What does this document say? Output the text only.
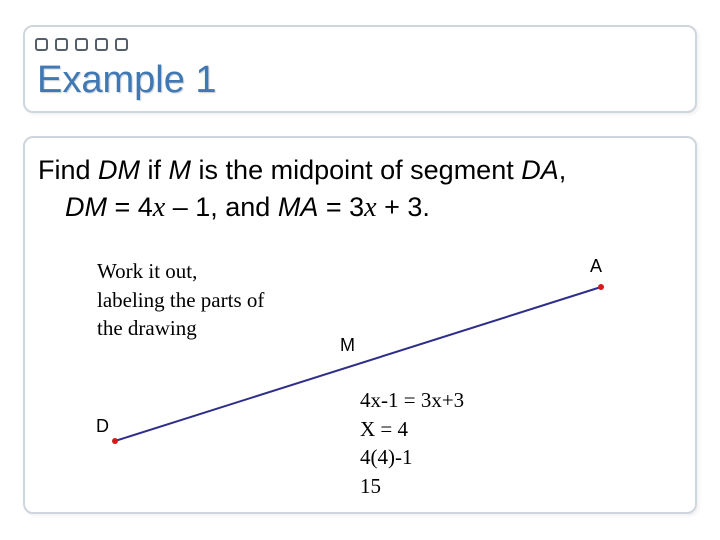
Example 1

Find DM if M is the midpoint of segment DA,
DM = 4x – 1, and MA = 3x + 3.

Work it out,
labeling the parts of
the drawing
A
M
D
4x-1 = 3x+3
X = 4
4(4)-1
15
